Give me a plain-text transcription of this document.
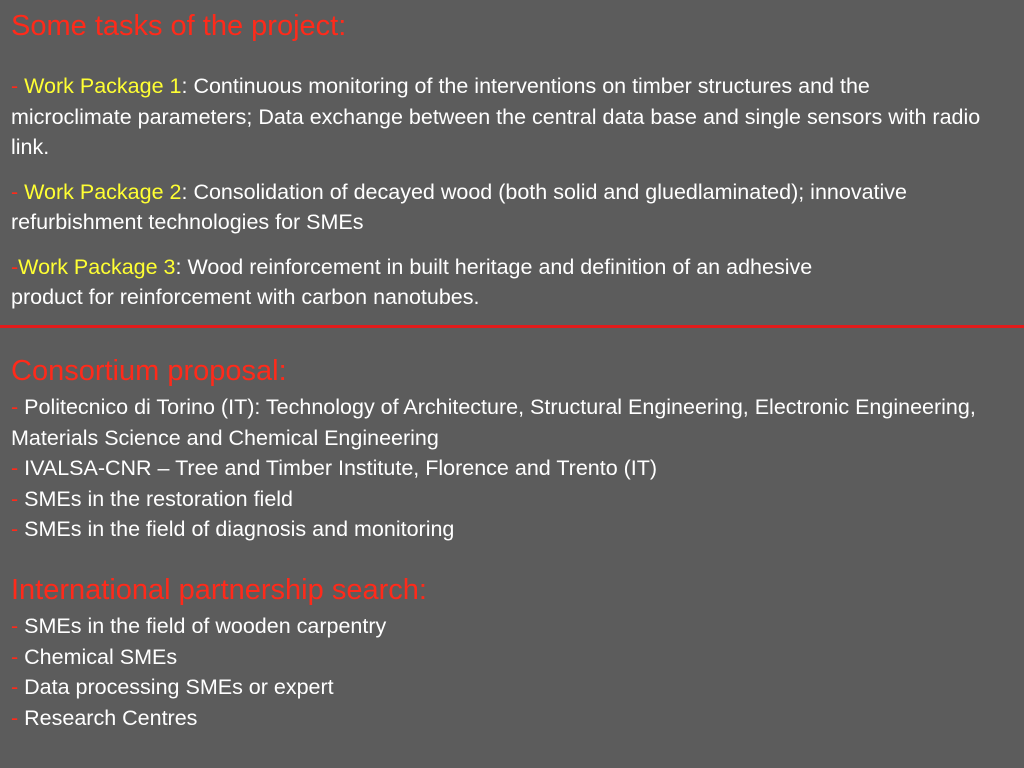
Some tasks of the project:

- Work Package 1: Continuous monitoring of the interventions on timber structures and the microclimate parameters; Data exchange between the central data base and single sensors with radio link.

- Work Package 2: Consolidation of decayed wood (both solid and gluedlaminated); innovative refurbishment technologies for SMEs

-Work Package 3: Wood reinforcement in built heritage and definition of an adhesive product for reinforcement with carbon nanotubes.

Consortium proposal:

- Politecnico di Torino (IT): Technology of Architecture, Structural Engineering, Electronic Engineering, Materials Science and Chemical Engineering

- IVALSA-CNR – Tree and Timber Institute, Florence and Trento (IT)

- SMEs in the restoration field

- SMEs in the field of diagnosis and monitoring

International partnership search:

- SMEs in the field of wooden carpentry

- Chemical SMEs

- Data processing SMEs or expert

- Research Centres
